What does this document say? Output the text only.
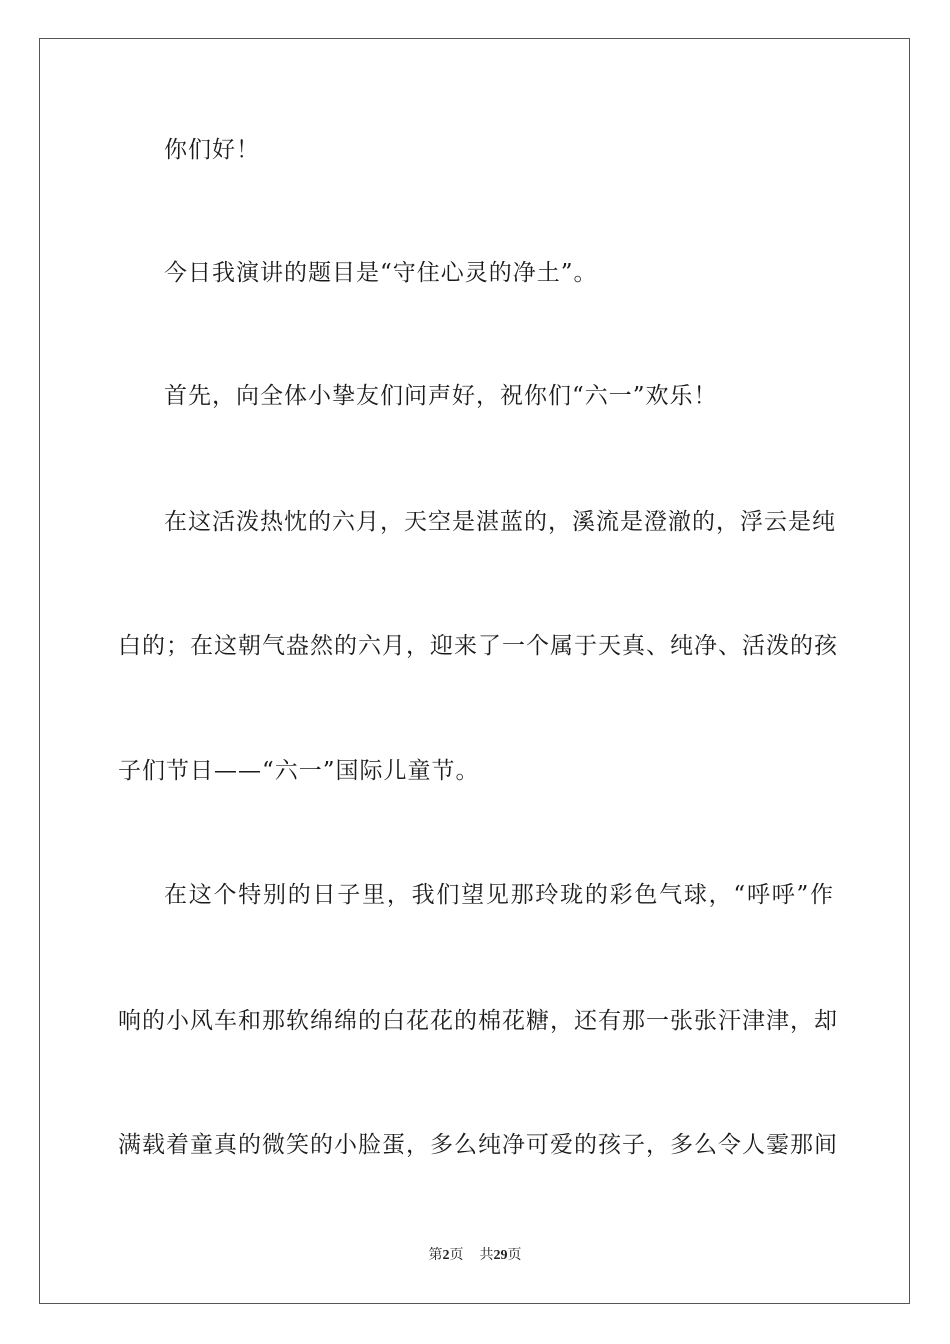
你们好！
今日我演讲的题目是“守住心灵的净土”。
首先，向全体小挚友们问声好，祝你们“六一”欢乐！
在这活泼热忱的六月，天空是湛蓝的，溪流是澄澈的，浮云是纯
白的；在这朝气盎然的六月，迎来了一个属于天真、纯净、活泼的孩
子们节日——“六一”国际儿童节。
在这个特别的日子里，我们望见那玲珑的彩色气球，“呼呼”作
响的小风车和那软绵绵的白花花的棉花糖，还有那一张张汗津津，却
满载着童真的微笑的小脸蛋，多么纯净可爱的孩子，多么令人霎那间
第2页 共29页
